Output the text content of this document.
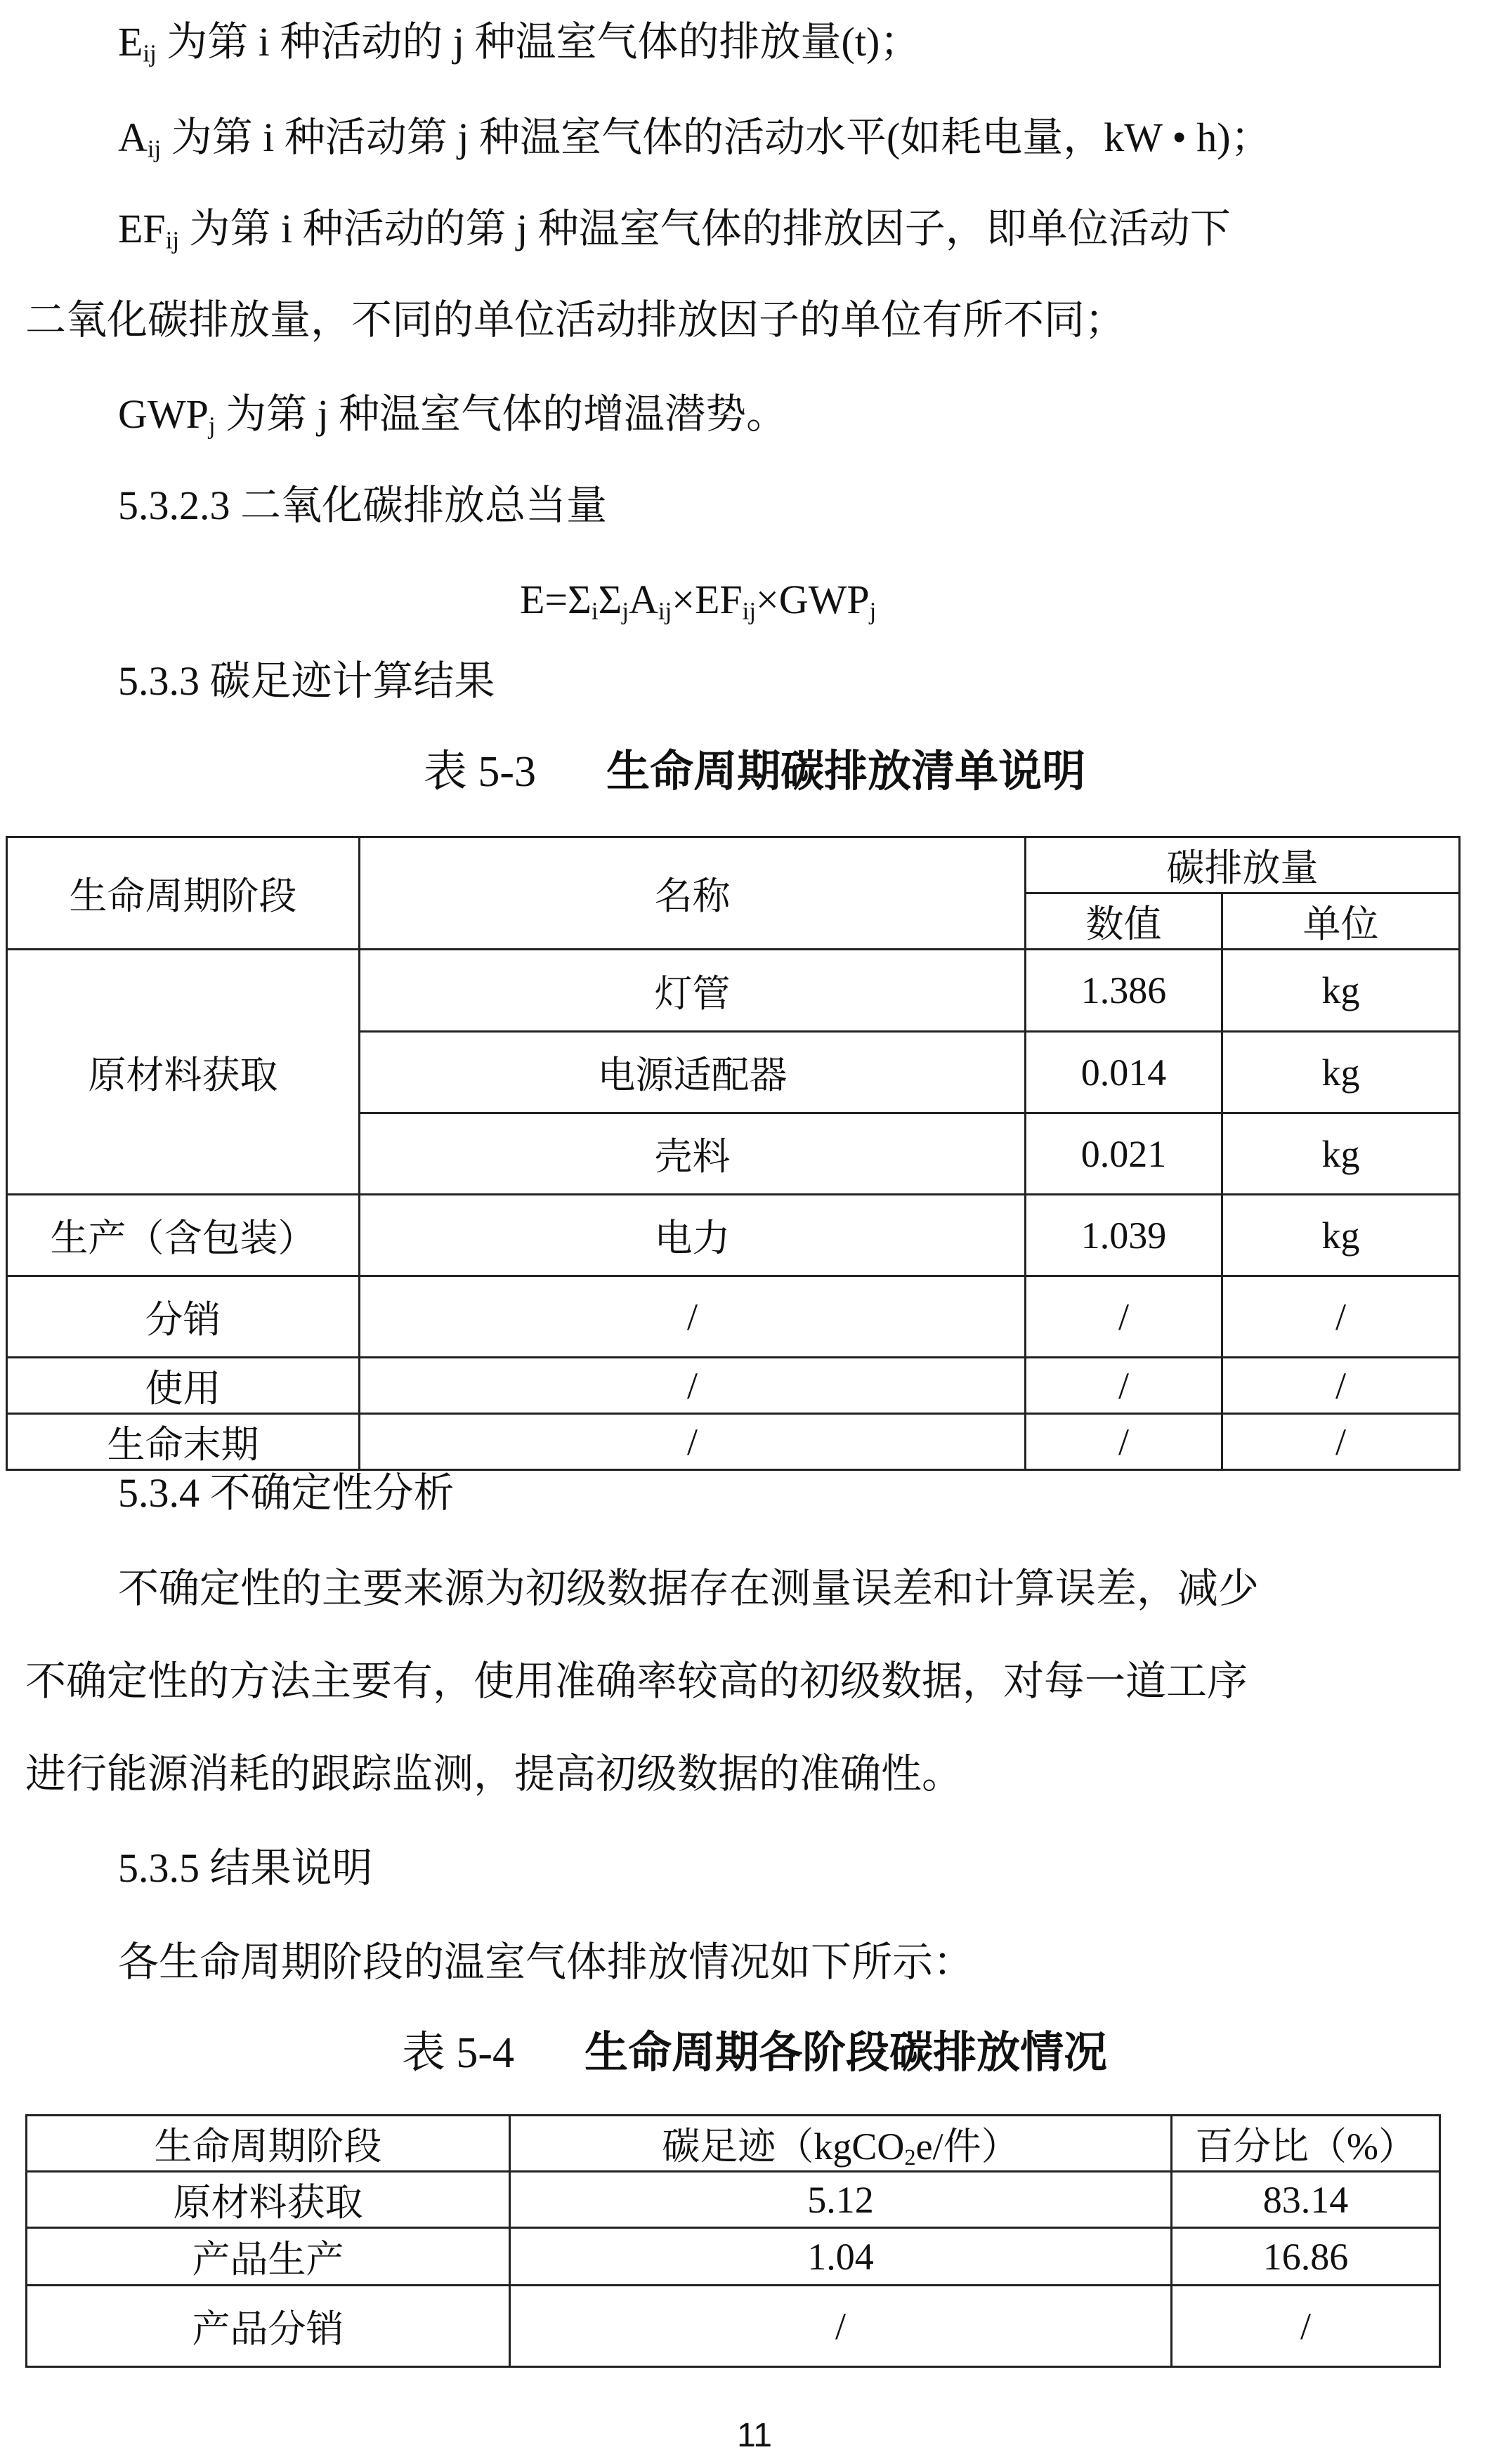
$E_{ij}$ 为第 i 种活动的 j 种温室气体的排放量(t)；
$A_{ij}$ 为第 i 种活动第 j 种温室气体的活动水平(如耗电量，kW • h)；
$EF_{ij}$ 为第 i 种活动的第 j 种温室气体的排放因子，即单位活动下
二氧化碳排放量，不同的单位活动排放因子的单位有所不同；
$GWP_j$ 为第 j 种温室气体的增温潜势。
5.3.2.3 二氧化碳排放总当量
$E=\Sigma_i\Sigma_jA_{ij}\times EF_{ij}\times GWP_j$
5.3.3 碳足迹计算结果
表 5-3 生命周期碳排放清单说明
生命周期阶段	名称	碳排放量	
		数值	单位
原材料获取	灯管	1.386	kg
	电源适配器	0.014	kg
	壳料	0.021	kg
生产（含包装）	电力	1.039	kg
分销	/	/	/
使用	/	/	/
生命末期	/	/	/
5.3.4 不确定性分析
不确定性的主要来源为初级数据存在测量误差和计算误差，减少
不确定性的方法主要有，使用准确率较高的初级数据，对每一道工序
进行能源消耗的跟踪监测，提高初级数据的准确性。
5.3.5 结果说明
各生命周期阶段的温室气体排放情况如下所示：
表 5-4 生命周期各阶段碳排放情况
生命周期阶段	碳足迹（kgCO$_2$e/件）	百分比（%）
原材料获取	5.12	83.14
产品生产	1.04	16.86
产品分销	/	/
11
